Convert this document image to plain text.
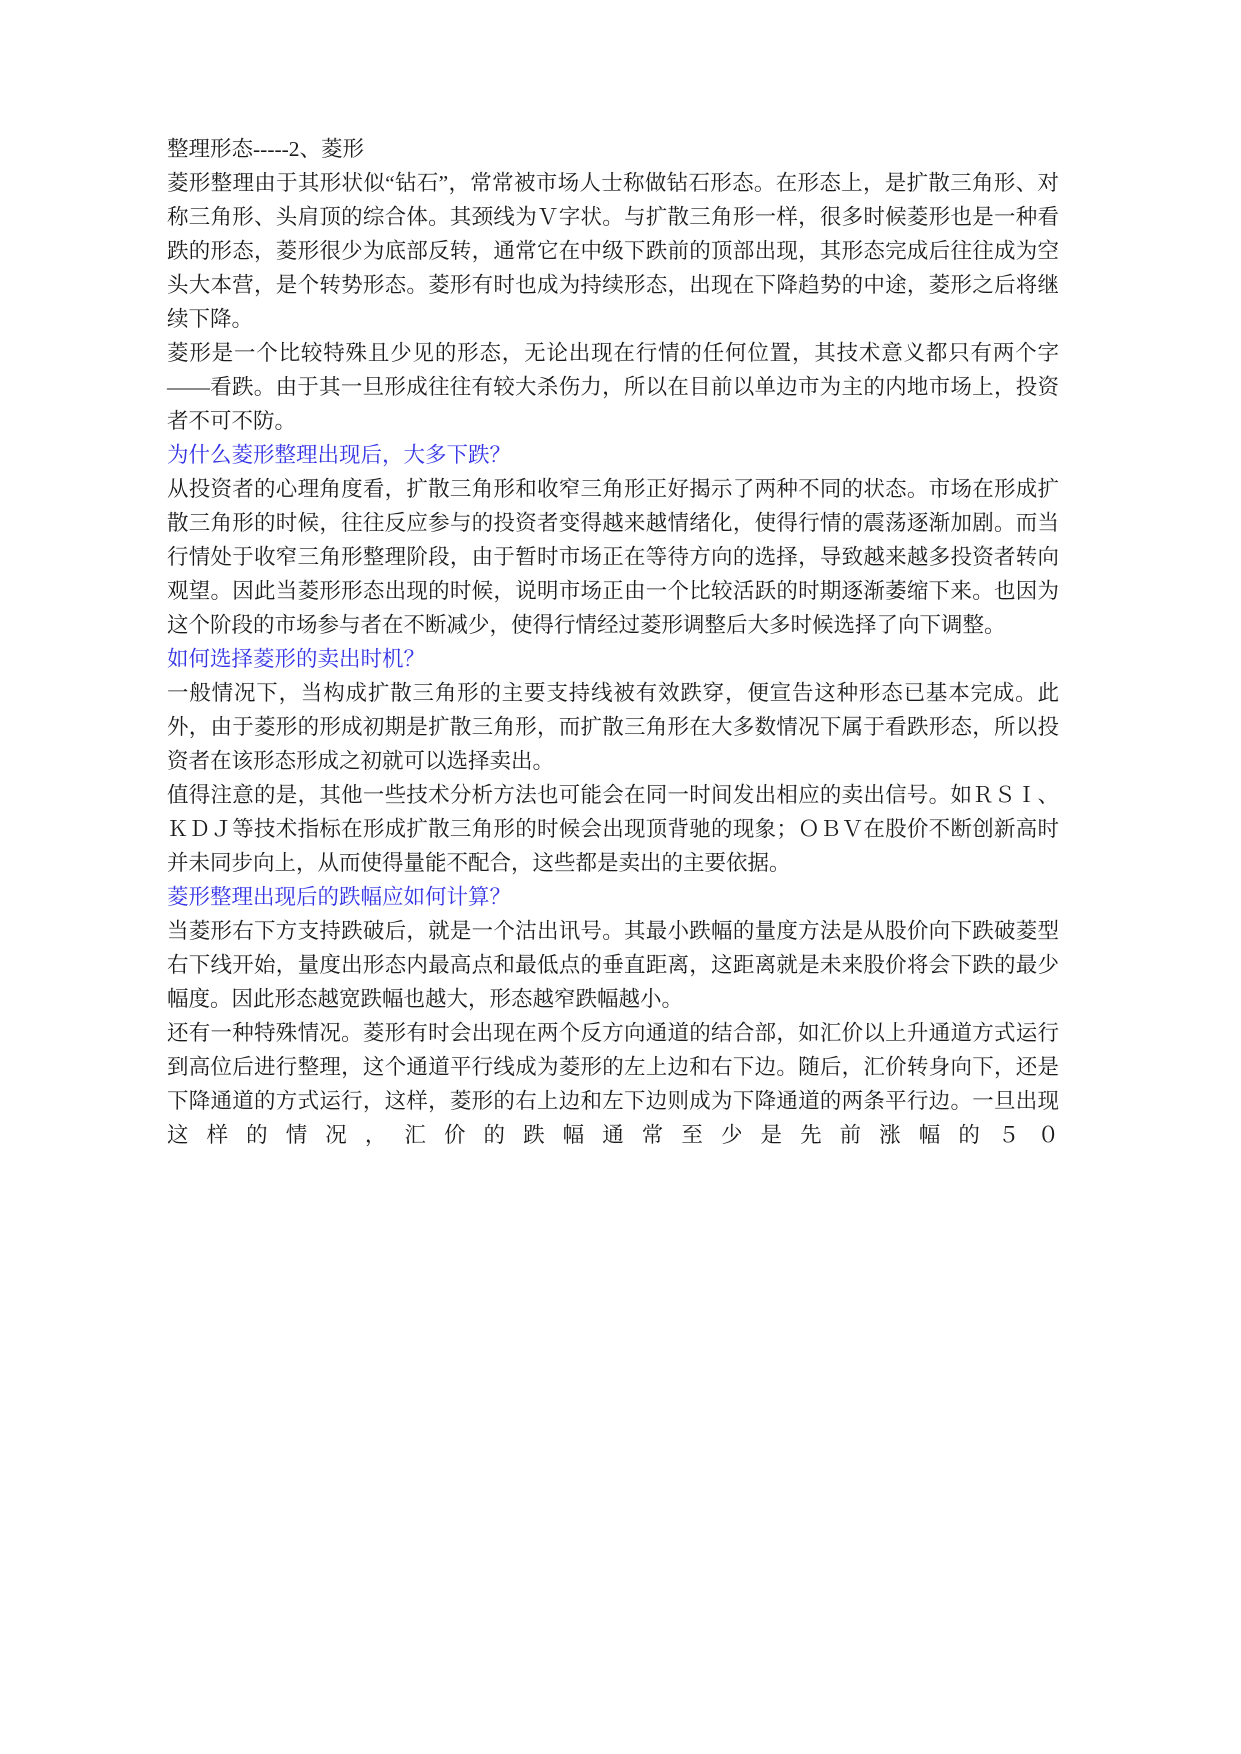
整理形态-----2、菱形

菱形整理由于其形状似“钻石”，常常被市场人士称做钻石形态。在形态上，是扩散三角形、对称三角形、头肩顶的综合体。其颈线为Ｖ字状。与扩散三角形一样，很多时候菱形也是一种看跌的形态，菱形很少为底部反转，通常它在中级下跌前的顶部出现，其形态完成后往往成为空头大本营，是个转势形态。菱形有时也成为持续形态，出现在下降趋势的中途，菱形之后将继续下降。

菱形是一个比较特殊且少见的形态，无论出现在行情的任何位置，其技术意义都只有两个字——看跌。由于其一旦形成往往有较大杀伤力，所以在目前以单边市为主的内地市场上，投资者不可不防。

为什么菱形整理出现后，大多下跌？

从投资者的心理角度看，扩散三角形和收窄三角形正好揭示了两种不同的状态。市场在形成扩散三角形的时候，往往反应参与的投资者变得越来越情绪化，使得行情的震荡逐渐加剧。而当行情处于收窄三角形整理阶段，由于暂时市场正在等待方向的选择，导致越来越多投资者转向观望。因此当菱形形态出现的时候，说明市场正由一个比较活跃的时期逐渐萎缩下来。也因为这个阶段的市场参与者在不断减少，使得行情经过菱形调整后大多时候选择了向下调整。

如何选择菱形的卖出时机？

一般情况下，当构成扩散三角形的主要支持线被有效跌穿，便宣告这种形态已基本完成。此外，由于菱形的形成初期是扩散三角形，而扩散三角形在大多数情况下属于看跌形态，所以投资者在该形态形成之初就可以选择卖出。

值得注意的是，其他一些技术分析方法也可能会在同一时间发出相应的卖出信号。如ＲＳＩ、ＫＤＪ等技术指标在形成扩散三角形的时候会出现顶背驰的现象；ＯＢＶ在股价不断创新高时并未同步向上，从而使得量能不配合，这些都是卖出的主要依据。

菱形整理出现后的跌幅应如何计算？

当菱形右下方支持跌破后，就是一个沽出讯号。其最小跌幅的量度方法是从股价向下跌破菱型右下线开始，量度出形态内最高点和最低点的垂直距离，这距离就是未来股价将会下跌的最少幅度。因此形态越宽跌幅也越大，形态越窄跌幅越小。

还有一种特殊情况。菱形有时会出现在两个反方向通道的结合部，如汇价以上升通道方式运行到高位后进行整理，这个通道平行线成为菱形的左上边和右下边。随后，汇价转身向下，还是下降通道的方式运行，这样，菱形的右上边和左下边则成为下降通道的两条平行边。一旦出现这样的情况，汇价的跌幅通常至少是先前涨幅的５０
